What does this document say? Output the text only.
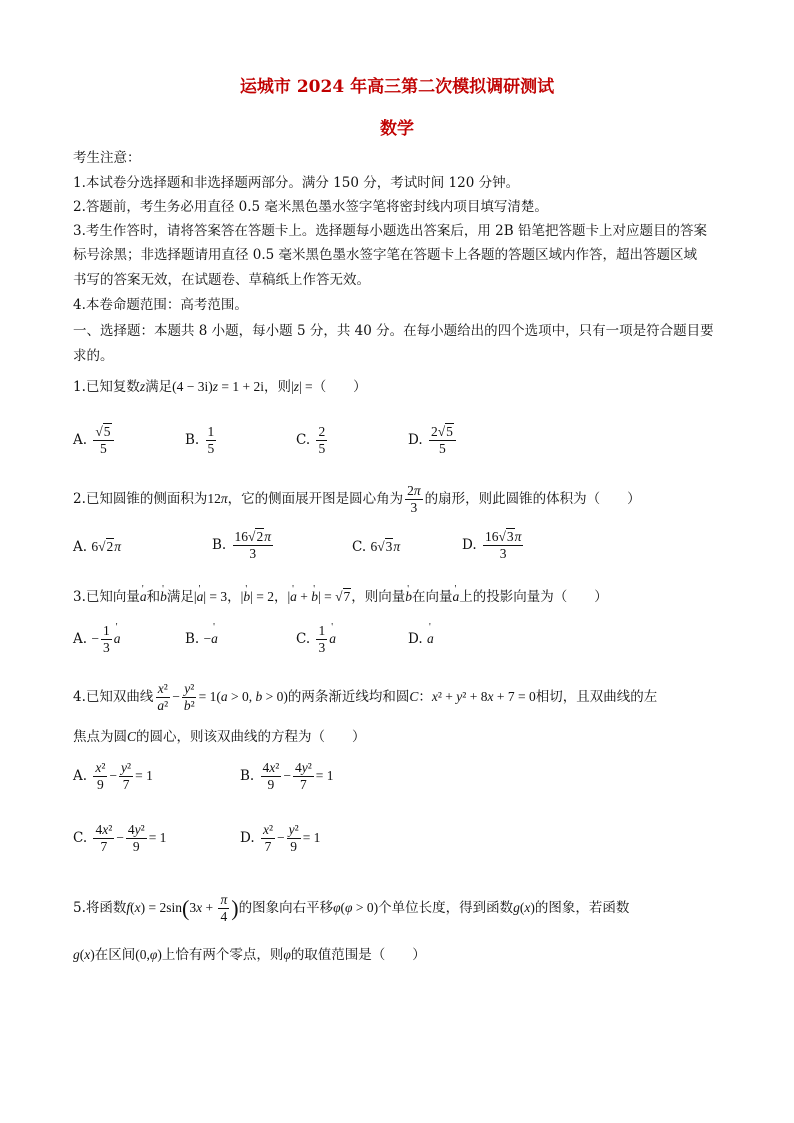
运城市 2024 年高三第二次模拟调研测试
数学
考生注意：
1.本试卷分选择题和非选择题两部分。满分 150 分，考试时间 120 分钟。
2.答题前，考生务必用直径 0.5 毫米黑色墨水签字笔将密封线内项目填写清楚。
3.考生作答时，请将答案答在答题卡上。选择题每小题选出答案后，用 2B 铅笔把答题卡上对应题目的答案
标号涂黑；非选择题请用直径 0.5 毫米黑色墨水签字笔在答题卡上各题的答题区域内作答，超出答题区域
书写的答案无效，在试题卷、草稿纸上作答无效。
4.本卷命题范围：高考范围。
一、选择题：本题共 8 小题，每小题 5 分，共 40 分。在每小题给出的四个选项中，只有一项是符合题目要
求的。
1.已知复数z满足(4 − 3i)z = 1 + 2i，则|z| =（　　）
A. $\frac{√5}{5}$	B. $\frac{1}{5}$	C. $\frac{2}{5}$	D. $\frac{2√5}{5}$
2.已知圆锥的侧面积为12π，它的侧面展开图是圆心角为 $\frac{2\pi}{3}$ 的扇形，则此圆锥的体积为（　　）
A. 6√2π	B. $\frac{16√2\pi}{3}$	C. 6√3π	D. $\frac{16√3\pi}{3}$
3.已知向量' a和' b满足|' a| = 3，|' b| = 2，|' a + ' b| = √7，则向量' b在向量' a上的投影向量为（　　）
A. − $\frac{1}{3}$ ' a	B. −' a	C. $\frac{1}{3}$ ' a	D. ' a
4.已知双曲线 $\frac{\text{x²}}{\text{a²}} - \frac{\text{y²}}{\text{b²}} = 1(a > 0$, b > 0)的两条渐近线均和圆C：x² + y² + 8x + 7 = 0相切，且双曲线的左
焦点为圆C的圆心，则该双曲线的方程为（　　）
A. $\frac{\text{x²}}{9} - \frac{\text{y²}}{7} = 1$	B. $\frac{\text{4x²}}{9} - \frac{\text{4y²}}{7} = 1$
C. $\frac{\text{4x²}}{7} - \frac{\text{4y²}}{9} = 1$	D. $\frac{\text{x²}}{7} - \frac{\text{y²}}{9} = 1$
5.将函数$f(x) = 2\sin(3x + \frac{\pi}{4}$ )的图象向右平移φ(φ > 0)个单位长度，得到函数g(x)的图象，若函数
g(x)在区间(0,φ)上恰有两个零点，则φ的取值范围是（　　）
